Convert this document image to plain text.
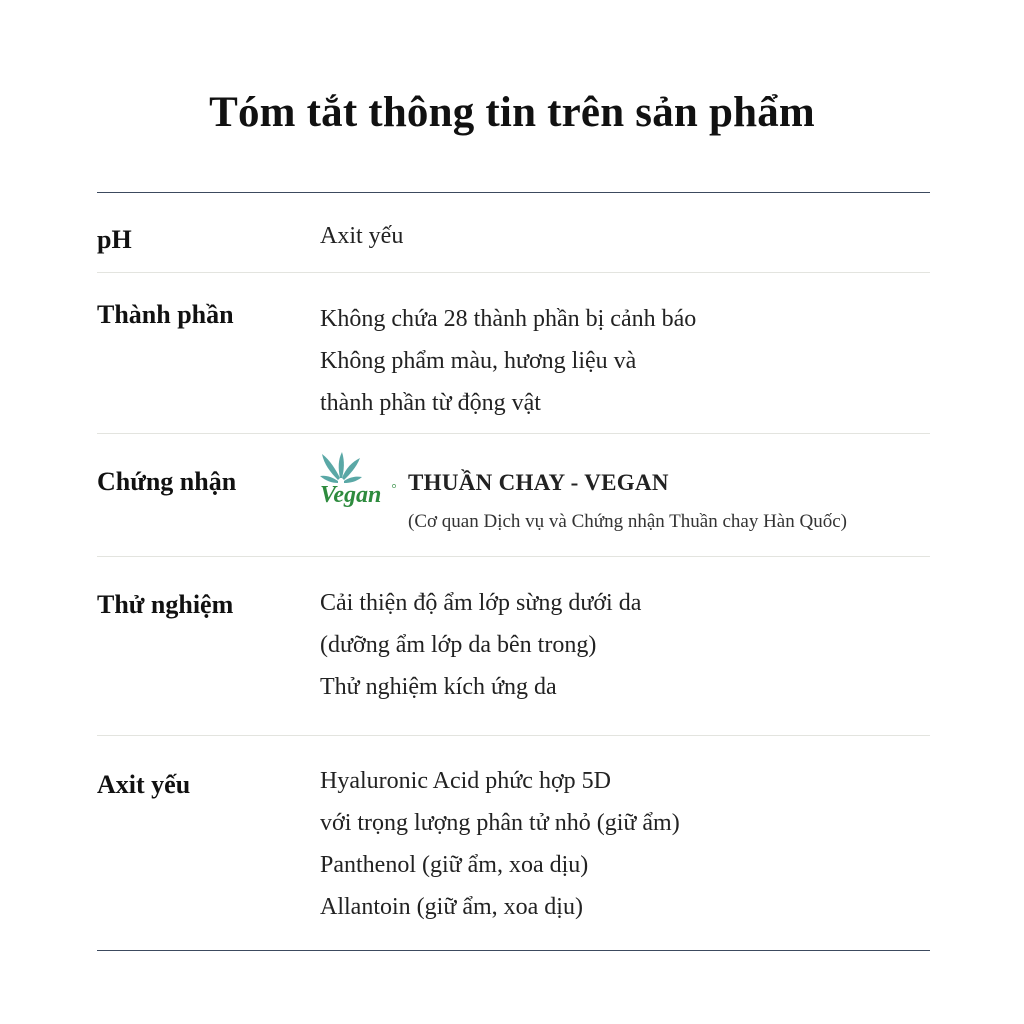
Tóm tắt thông tin trên sản phẩm
pH	Axit yếu
Thành phần	Không chứa 28 thành phần bị cảnh báo
Không phẩm màu, hương liệu và
thành phần từ động vật
Chứng nhận	Vegan THUẦN CHAY - VEGAN
(Cơ quan Dịch vụ và Chứng nhận Thuần chay Hàn Quốc)
Thử nghiệm	Cải thiện độ ẩm lớp sừng dưới da
(dưỡng ẩm lớp da bên trong)
Thử nghiệm kích ứng da
Axit yếu	Hyaluronic Acid phức hợp 5D
với trọng lượng phân tử nhỏ (giữ ẩm)
Panthenol (giữ ẩm, xoa dịu)
Allantoin (giữ ẩm, xoa dịu)
